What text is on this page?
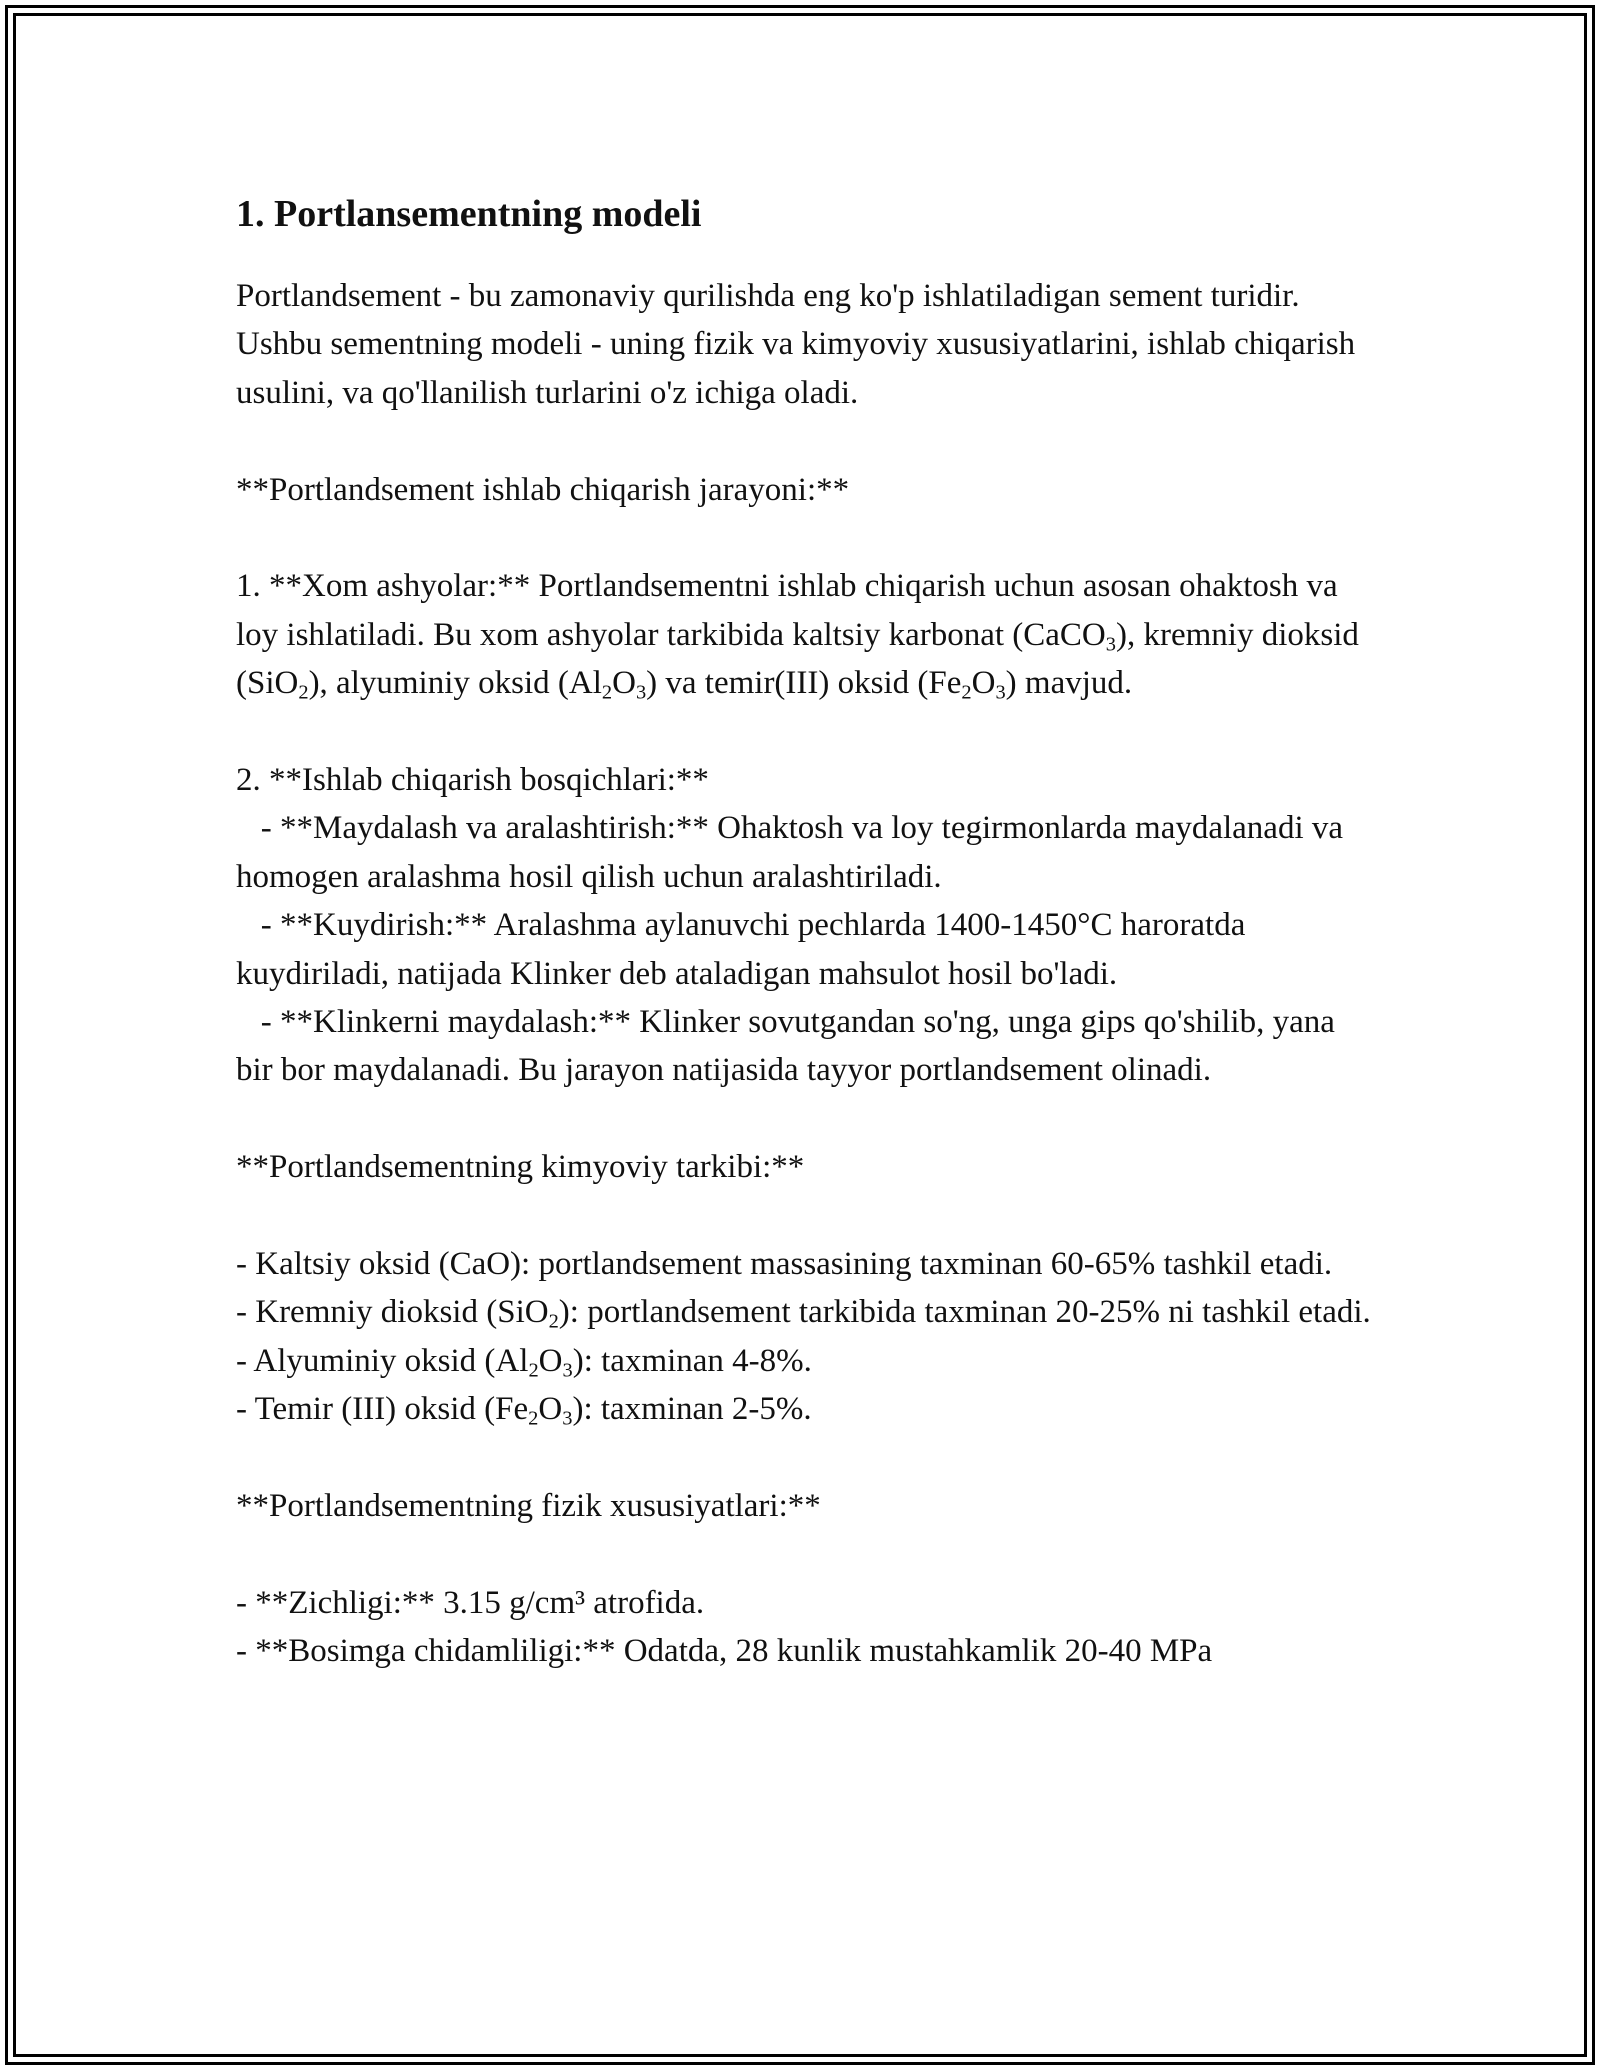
1. Portlansementning modeli

Portlandsement - bu zamonaviy qurilishda eng ko'p ishlatiladigan sement turidir. Ushbu sementning modeli - uning fizik va kimyoviy xususiyatlarini, ishlab chiqarish usulini, va qo'llanilish turlarini o'z ichiga oladi.

**Portlandsement ishlab chiqarish jarayoni:**

1. **Xom ashyolar:** Portlandsementni ishlab chiqarish uchun asosan ohaktosh va loy ishlatiladi. Bu xom ashyolar tarkibida kaltsiy karbonat (CaCO$_3$), kremniy dioksid (SiO$_2$), alyuminiy oksid $(Al_2O_3)$ va temir(III) oksid $(Fe_2O_3)$ mavjud.

2. **Ishlab chiqarish bosqichlari:**

- **Maydalash va aralashtirish:** Ohaktosh va loy tegirmonlarda maydalanadi va homogen aralashma hosil qilish uchun aralashtiriladi.

- **Kuydirish:** Aralashma aylanuvchi pechlarda 1400-1450°C haroratda kuydiriladi, natijada Klinker deb ataladigan mahsulot hosil bo'ladi.

- **Klinkerni maydalash:** Klinker sovutgandan so'ng, unga gips qo'shilib, yana bir bor maydalanadi. Bu jarayon natijasida tayyor portlandsement olinadi.

**Portlandsementning kimyoviy tarkibi:**

- Kaltsiy oksid (CaO): portlandsement massasining taxminan 60-65% tashkil etadi.

- Kremniy dioksid (SiO$_2$): portlandsement tarkibida taxminan 20-25% ni tashkil etadi.

- Alyuminiy oksid $(Al_2O_3)$: taxminan 4-8%.

- Temir (III) oksid $(Fe_2O_3)$: taxminan 2-5%.

**Portlandsementning fizik xususiyatlari:**

- **Zichligi:** 3.15 g/cm³ atrofida.

- **Bosimga chidamliligi:** Odatda, 28 kunlik mustahkamlik 20-40 MPa
